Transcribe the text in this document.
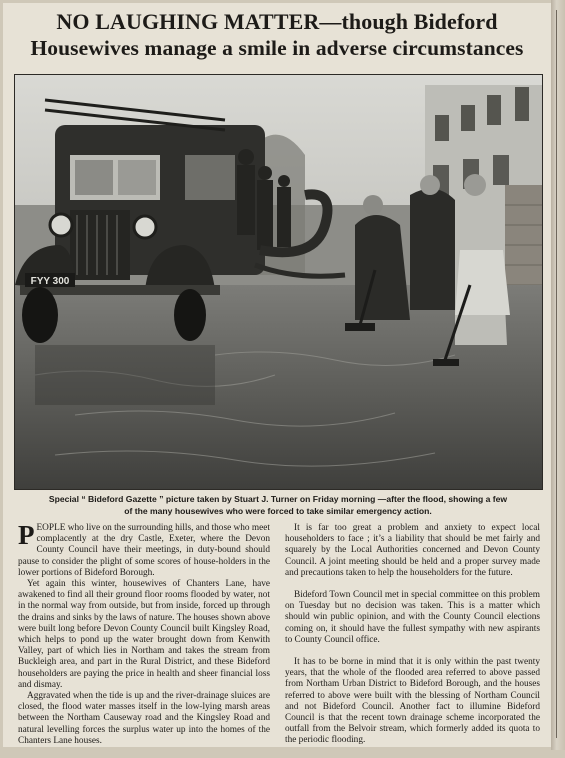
NO LAUGHING MATTER—though Bideford
Housewives manage a smile in adverse circumstances
FYY 300
Special “ Bideford Gazette ” picture taken by Stuart J. Turner on Friday morning —after the flood, showing a few
of the many housewives who were forced to take similar emergency action.

PEOPLE who live on the surrounding hills, and those who meet complacently at the dry Castle, Exeter, where the Devon County Council have their meetings, in duty-bound should pause to consider the plight of some scores of house-holders in the lower portions of Bideford Borough.

Yet again this winter, housewives of Chanters Lane, have awakened to find all their ground floor rooms flooded by water, not in the normal way from outside, but from inside, forced up through the drains and sinks by the laws of nature. The houses shown above were built long before Devon County Council built Kingsley Road, which helps to pond up the water brought down from Kenwith Valley, part of which lies in Northam and takes the stream from Buckleigh area, and part in the Rural District, and these Bideford householders are paying the price in health and sheer financial loss and dismay.

Aggravated when the tide is up and the river-drainage sluices are closed, the flood water masses itself in the low-lying marsh areas between the Northam Causeway road and the Kingsley Road and natural levelling forces the surplus water up into the homes of the Chanters Lane houses.

It is far too great a problem and anxiety to expect local householders to face ; it’s a liability that should be met fairly and squarely by the Local Authorities concerned and Devon County Council. A joint meeting should be held and a proper survey made and precautions taken to help the householders for the future.

Bideford Town Council met in special committee on this problem on Tuesday but no decision was taken. This is a matter which should win public opinion, and with the County Council elections coming on, it should have the fullest sympathy with new aspirants to County Council office.

It has to be borne in mind that it is only within the past twenty years, that the whole of the flooded area referred to above passed from Northam Urban District to Bideford Borough, and the houses referred to above were built with the blessing of Northam Council and not Bideford Council. Another fact to illumine Bideford Council is that the recent town drainage scheme incorporated the outfall from the Belvoir stream, which formerly added its quota to the periodic flooding.
